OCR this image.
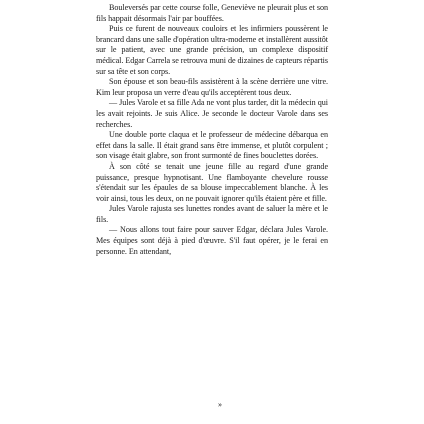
Bouleversés par cette course folle, Geneviève ne pleurait plus et son fils happait désormais l'air par bouffées.

Puis ce furent de nouveaux couloirs et les infirmiers poussèrent le brancard dans une salle d'opération ultra-moderne et installèrent aussitôt sur le patient, avec une grande précision, un complexe dispositif médical. Edgar Carrela se retrouva muni de dizaines de capteurs répartis sur sa tête et son corps.

Son épouse et son beau-fils assistèrent à la scène derrière une vitre. Kim leur proposa un verre d'eau qu'ils acceptèrent tous deux.

— Jules Varole et sa fille Ada ne vont plus tarder, dit la médecin qui les avait rejoints. Je suis Alice. Je seconde le docteur Varole dans ses recherches.

Une double porte claqua et le professeur de médecine débarqua en effet dans la salle. Il était grand sans être immense, et plutôt corpulent ; son visage était glabre, son front surmonté de fines bouclettes dorées.

À son côté se tenait une jeune fille au regard d'une grande puissance, presque hypnotisant. Une flamboyante chevelure rousse s'étendait sur les épaules de sa blouse impeccablement blanche. À les voir ainsi, tous les deux, on ne pouvait ignorer qu'ils étaient père et fille.

Jules Varole rajusta ses lunettes rondes avant de saluer la mère et le fils.

— Nous allons tout faire pour sauver Edgar, déclara Jules Varole. Mes équipes sont déjà à pied d'œuvre. S'il faut opérer, je le ferai en personne. En attendant,

»
